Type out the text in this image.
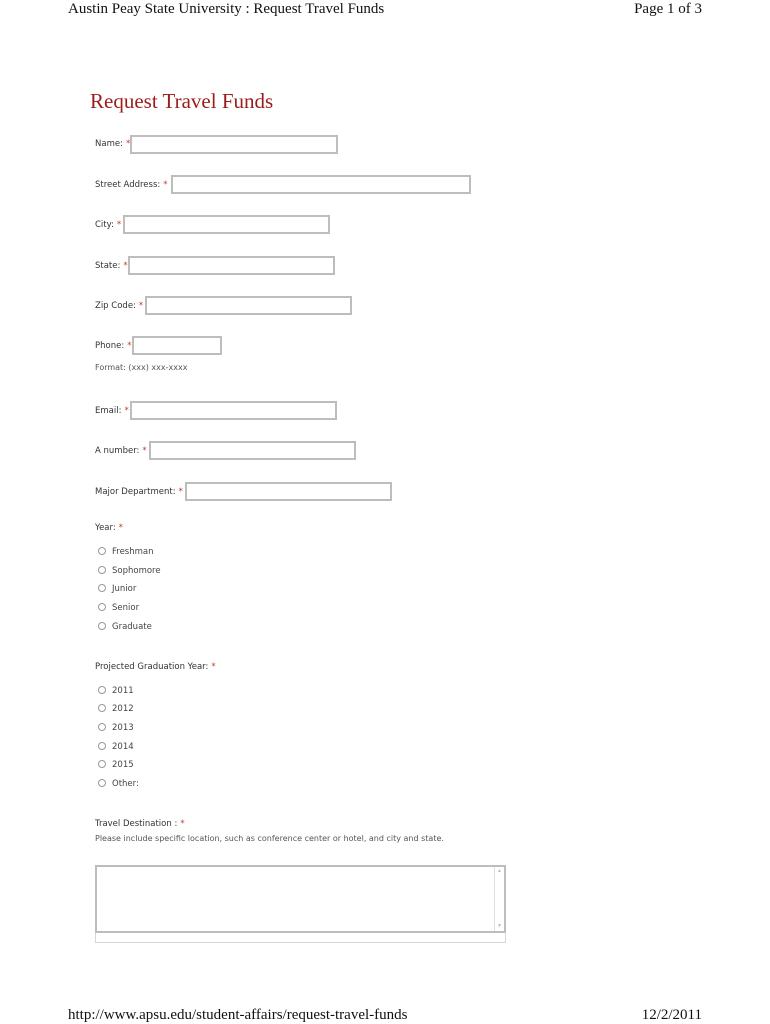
Austin Peay State University : Request Travel Funds	Page 1 of 3
http://www.apsu.edu/student-affairs/request-travel-funds	12/2/2011
Request Travel Funds
Name: *
Street Address: *
City: *
State: *
Zip Code: *
Phone: *
Format: (xxx) xxx-xxxx
Email: *
A number: *
Major Department: *
Year: *
Freshman
Sophomore
Junior
Senior
Graduate
Projected Graduation Year: *
2011
2012
2013
2014
2015
Other:
Travel Destination : *
Please include specific location, such as conference center or hotel, and city and state.
▲
▼
